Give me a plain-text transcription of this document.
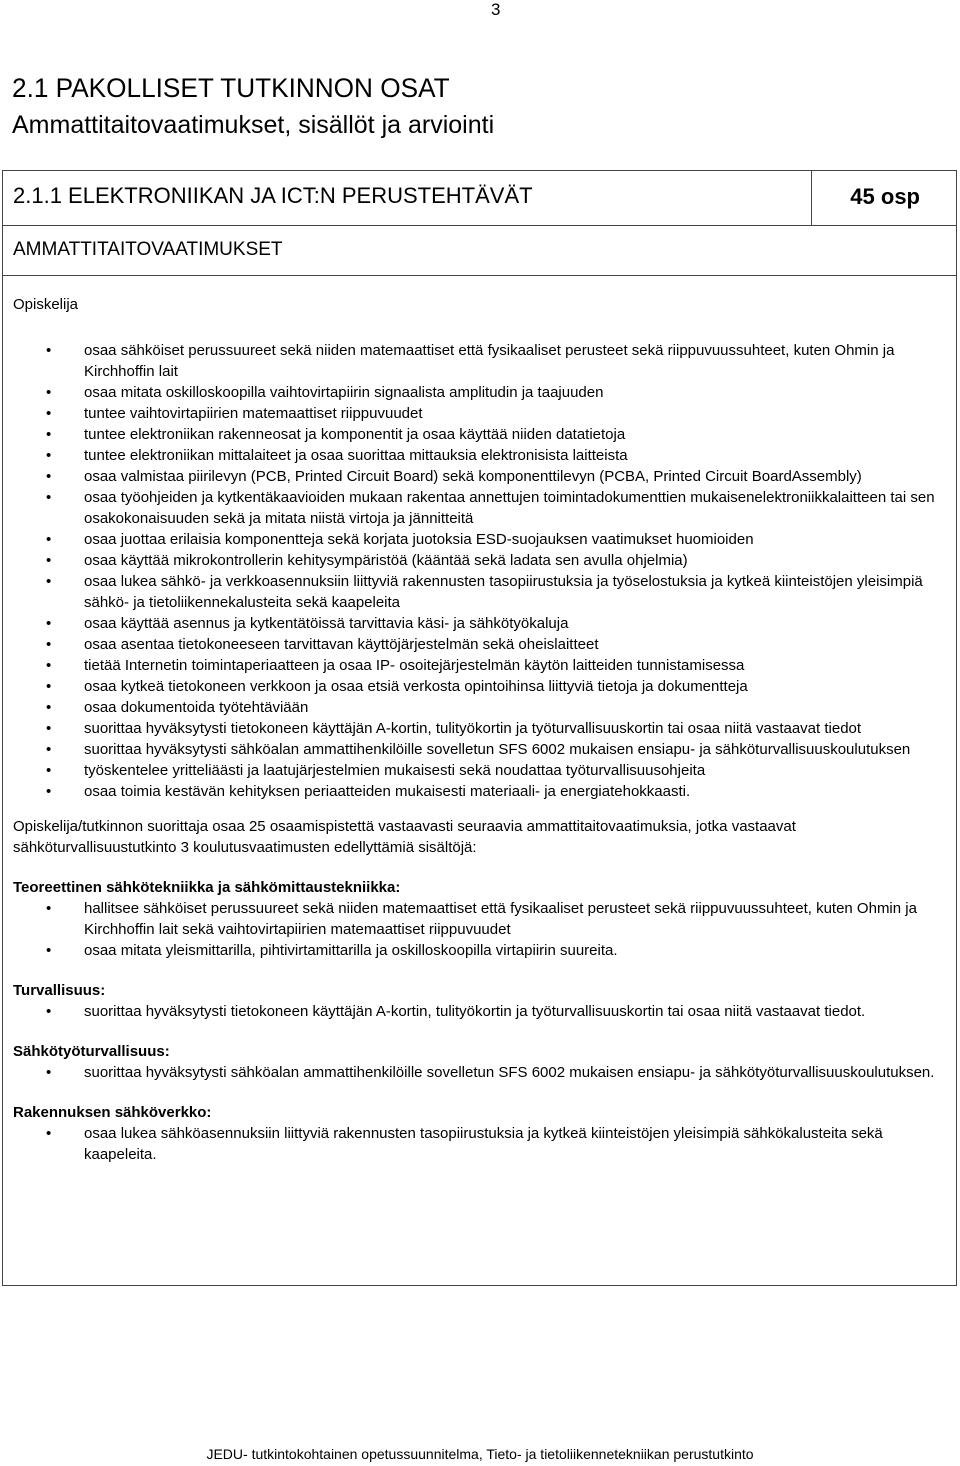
3
2.1 PAKOLLISET TUTKINNON OSAT
Ammattitaitovaatimukset, sisällöt ja arviointi
2.1.1 ELEKTRONIIKAN JA ICT:N PERUSTEHTÄVÄT	45 osp
AMMATTITAITOVAATIMUKSET

Opiskelija

• osaa sähköiset perussuureet sekä niiden matemaattiset että fysikaaliset perusteet sekä riippuvuussuhteet, kuten Ohmin ja Kirchhoffin lait
• osaa mitata oskilloskoopilla vaihtovirtapiirin signaalista amplitudin ja taajuuden
• tuntee vaihtovirtapiirien matemaattiset riippuvuudet
• tuntee elektroniikan rakenneosat ja komponentit ja osaa käyttää niiden datatietoja
• tuntee elektroniikan mittalaiteet ja osaa suorittaa mittauksia elektronisista laitteista
• osaa valmistaa piirilevyn (PCB, Printed Circuit Board) sekä komponenttilevyn (PCBA, Printed Circuit BoardAssembly)
• osaa työohjeiden ja kytkentäkaavioiden mukaan rakentaa annettujen toimintadokumenttien mukaisenelektroniikkalaitteen tai sen osakokonaisuuden sekä ja mitata niistä virtoja ja jännitteitä
• osaa juottaa erilaisia komponentteja sekä korjata juotoksia ESD-suojauksen vaatimukset huomioiden
• osaa käyttää mikrokontrollerin kehitysympäristöä (kääntää sekä ladata sen avulla ohjelmia)
• osaa lukea sähkö- ja verkkoasennuksiin liittyviä rakennusten tasopiirustuksia ja työselostuksia ja kytkeä kiinteistöjen yleisimpiä sähkö- ja tietoliikennekalusteita sekä kaapeleita
• osaa käyttää asennus ja kytkentätöissä tarvittavia käsi- ja sähkötyökaluja
• osaa asentaa tietokoneeseen tarvittavan käyttöjärjestelmän sekä oheislaitteet
• tietää Internetin toimintaperiaatteen ja osaa IP- osoitejärjestelmän käytön laitteiden tunnistamisessa
• osaa kytkeä tietokoneen verkkoon ja osaa etsiä verkosta opintoihinsa liittyviä tietoja ja dokumentteja
• osaa dokumentoida työtehtäviään
• suorittaa hyväksytysti tietokoneen käyttäjän A-kortin, tulityökortin ja työturvallisuuskortin tai osaa niitä vastaavat tiedot
• suorittaa hyväksytysti sähköalan ammattihenkilöille sovelletun SFS 6002 mukaisen ensiapu- ja sähköturvallisuuskoulutuksen
• työskentelee yritteliäästi ja laatujärjestelmien mukaisesti sekä noudattaa työturvallisuusohjeita
• osaa toimia kestävän kehityksen periaatteiden mukaisesti materiaali- ja energiatehokkaasti.

Opiskelija/tutkinnon suorittaja osaa 25 osaamispistettä vastaavasti seuraavia ammattitaitovaatimuksia, jotka vastaavat sähköturvallisuustutkinto 3 koulutusvaatimusten edellyttämiä sisältöjä:

Teoreettinen sähkötekniikka ja sähkömittaustekniikka:

• hallitsee sähköiset perussuureet sekä niiden matemaattiset että fysikaaliset perusteet sekä riippuvuussuhteet, kuten Ohmin ja Kirchhoffin lait sekä vaihtovirtapiirien matemaattiset riippuvuudet
• osaa mitata yleismittarilla, pihtivirtamittarilla ja oskilloskoopilla virtapiirin suureita.

Turvallisuus:

• suorittaa hyväksytysti tietokoneen käyttäjän A-kortin, tulityökortin ja työturvallisuuskortin tai osaa niitä vastaavat tiedot.

Sähkötyöturvallisuus:

• suorittaa hyväksytysti sähköalan ammattihenkilöille sovelletun SFS 6002 mukaisen ensiapu- ja sähkötyöturvallisuuskoulutuksen.

Rakennuksen sähköverkko:

• osaa lukea sähköasennuksiin liittyviä rakennusten tasopiirustuksia ja kytkeä kiinteistöjen yleisimpiä sähkökalusteita sekä kaapeleita.
JEDU- tutkintokohtainen opetussuunnitelma, Tieto- ja tietoliikennetekniikan perustutkinto
